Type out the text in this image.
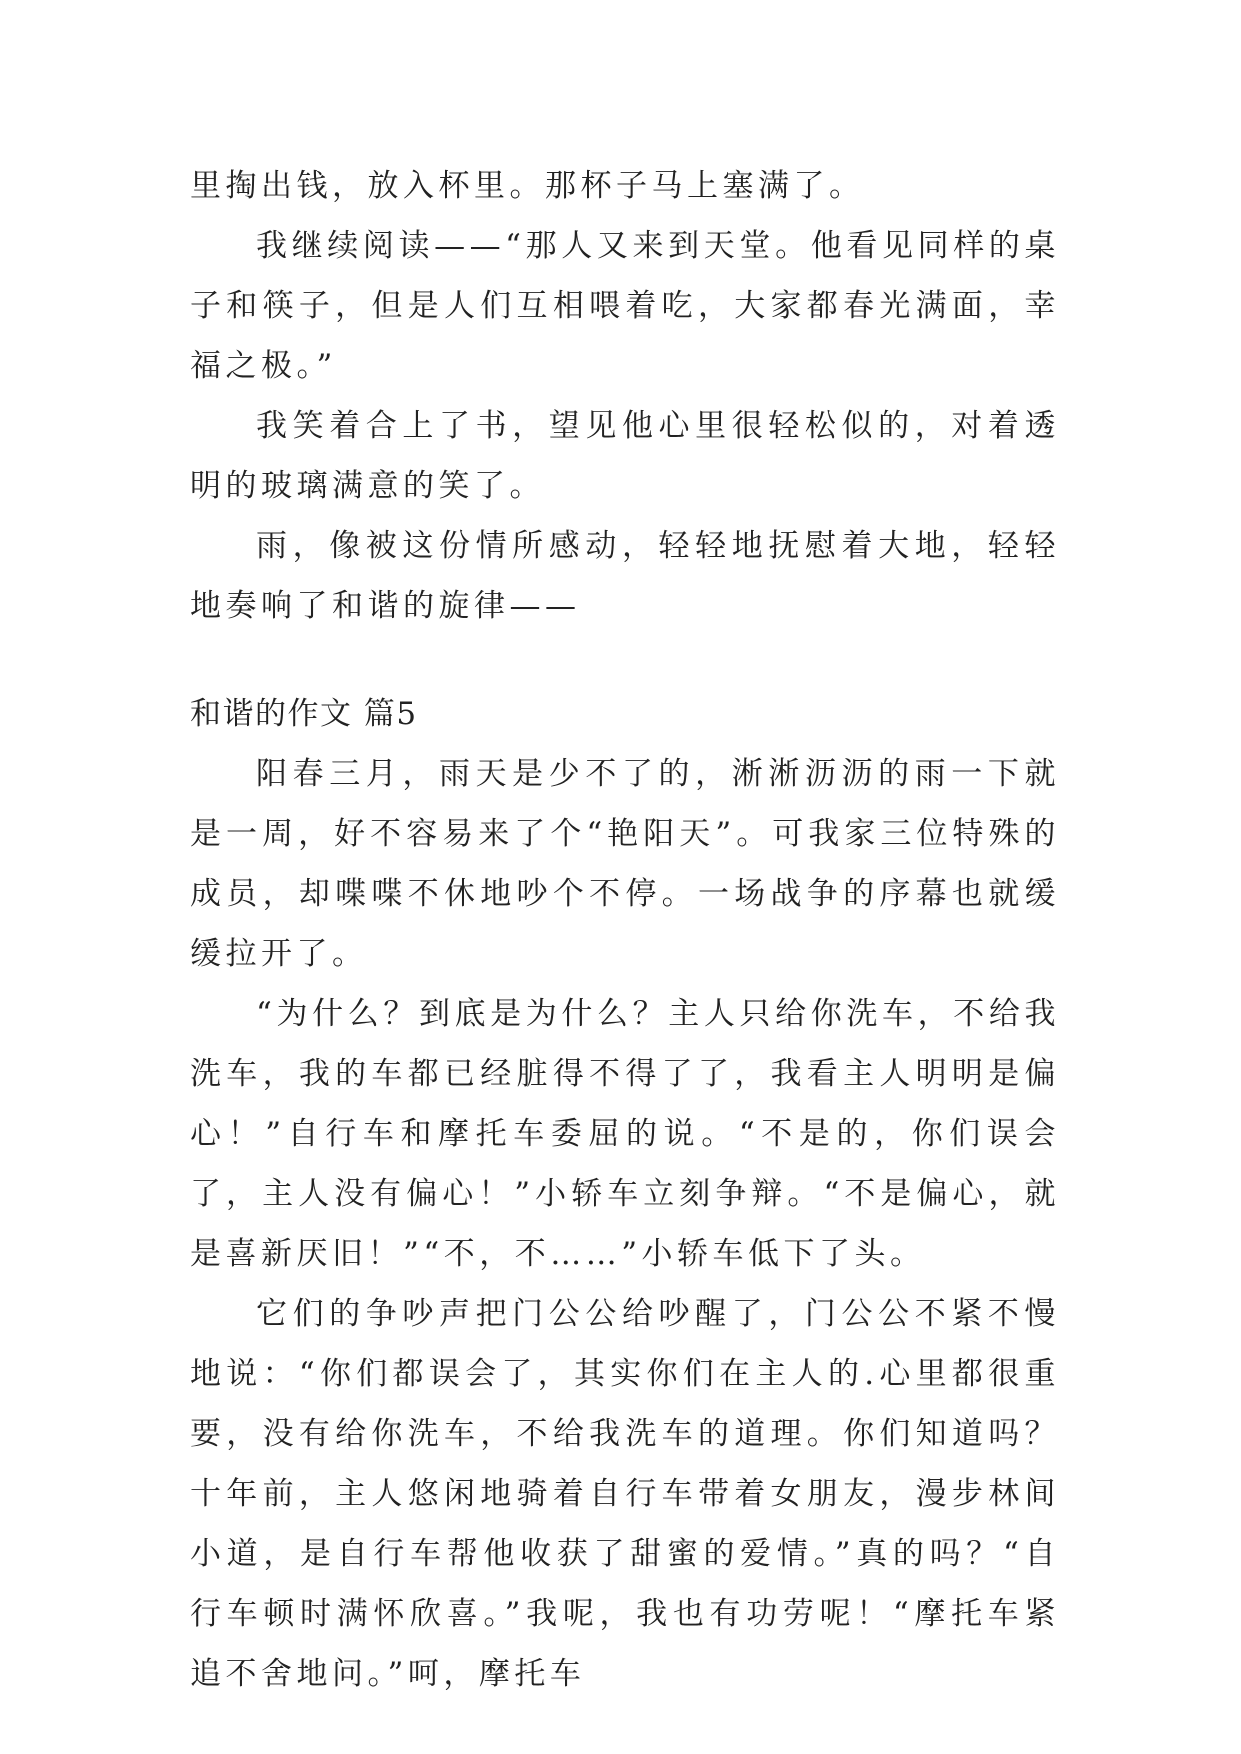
里掏出钱，放入杯里。那杯子马上塞满了。

我继续阅读——“那人又来到天堂。他看见同样的桌子和筷子，但是人们互相喂着吃，大家都春光满面，幸福之极。”

我笑着合上了书，望见他心里很轻松似的，对着透明的玻璃满意的笑了。

雨，像被这份情所感动，轻轻地抚慰着大地，轻轻地奏响了和谐的旋律——

和谐的作文 篇5

阳春三月，雨天是少不了的，淅淅沥沥的雨一下就是一周，好不容易来了个“艳阳天”。可我家三位特殊的成员，却喋喋不休地吵个不停。一场战争的序幕也就缓缓拉开了。

“为什么？到底是为什么？主人只给你洗车，不给我洗车，我的车都已经脏得不得了了，我看主人明明是偏心！”自行车和摩托车委屈的说。“不是的，你们误会了，主人没有偏心！”小轿车立刻争辩。“不是偏心，就是喜新厌旧！”“不，不……”小轿车低下了头。

它们的争吵声把门公公给吵醒了，门公公不紧不慢地说：“你们都误会了，其实你们在主人的.心里都很重要，没有给你洗车，不给我洗车的道理。你们知道吗？十年前，主人悠闲地骑着自行车带着女朋友，漫步林间小道，是自行车帮他收获了甜蜜的爱情。”真的吗？“自行车顿时满怀欣喜。”我呢，我也有功劳呢！“摩托车紧追不舍地问。”呵，摩托车
